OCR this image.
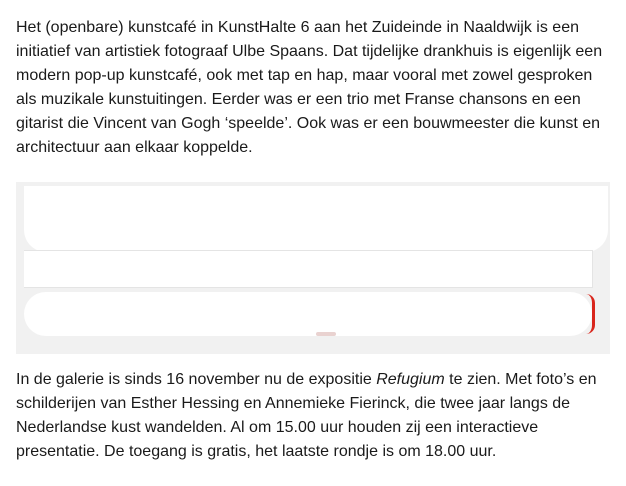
Het (openbare) kunstcafé in KunstHalte 6 aan het Zuideinde in Naaldwijk is een initiatief van artistiek fotograaf Ulbe Spaans. Dat tijdelijke drankhuis is eigenlijk een modern pop-up kunstcafé, ook met tap en hap, maar vooral met zowel gesproken als muzikale kunstuitingen. Eerder was er een trio met Franse chansons en een gitarist die Vincent van Gogh ‘speelde’. Ook was er een bouwmeester die kunst en architectuur aan elkaar koppelde.

In de galerie is sinds 16 november nu de expositie Refugium te zien. Met foto’s en schilderijen van Esther Hessing en Annemieke Fierinck, die twee jaar langs de Nederlandse kust wandelden. Al om 15.00 uur houden zij een interactieve presentatie. De toegang is gratis, het laatste rondje is om 18.00 uur.
